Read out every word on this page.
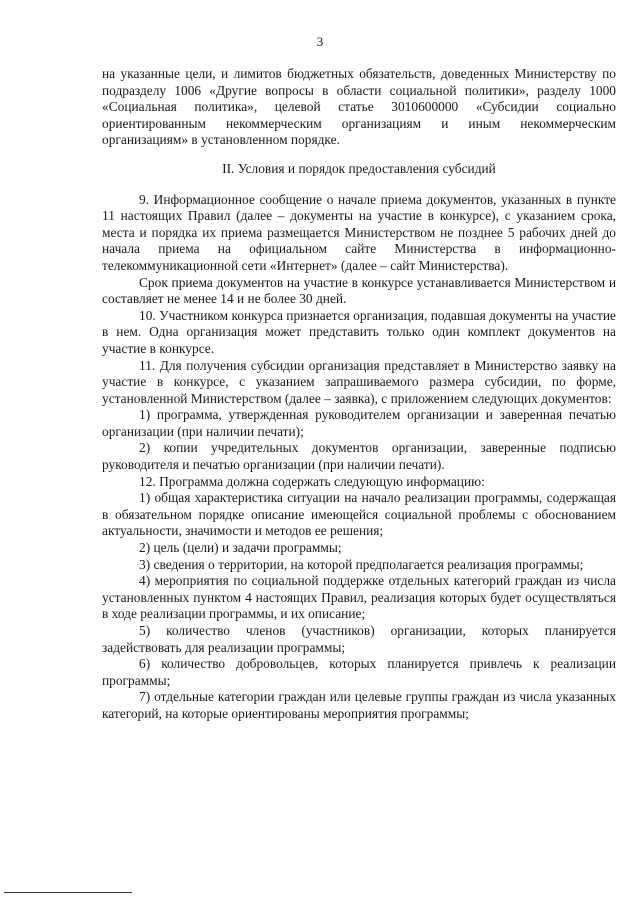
3

на указанные цели, и лимитов бюджетных обязательств, доведенных Министерству по подразделу 1006 «Другие вопросы в области социальной политики», разделу 1000 «Социальная политика», целевой статье 3010600000 «Субсидии социально ориентированным некоммерческим организациям и иным некоммерческим организациям» в установленном порядке.

II. Условия и порядок предоставления субсидий

9. Информационное сообщение о начале приема документов, указанных в пункте 11 настоящих Правил (далее – документы на участие в конкурсе), с указанием срока, места и порядка их приема размещается Министерством не позднее 5 рабочих дней до начала приема на официальном сайте Министерства в информационно-телекоммуникационной сети «Интернет» (далее – сайт Министерства).

Срок приема документов на участие в конкурсе устанавливается Министерством и составляет не менее 14 и не более 30 дней.

10. Участником конкурса признается организация, подавшая документы на участие в нем. Одна организация может представить только один комплект документов на участие в конкурсе.

11. Для получения субсидии организация представляет в Министерство заявку на участие в конкурсе, с указанием запрашиваемого размера субсидии, по форме, установленной Министерством (далее – заявка), с приложением следующих документов:

1) программа, утвержденная руководителем организации и заверенная печатью организации (при наличии печати);

2) копии учредительных документов организации, заверенные подписью руководителя и печатью организации (при наличии печати).

12. Программа должна содержать следующую информацию:

1) общая характеристика ситуации на начало реализации программы, содержащая в обязательном порядке описание имеющейся социальной проблемы с обоснованием актуальности, значимости и методов ее решения;

2) цель (цели) и задачи программы;

3) сведения о территории, на которой предполагается реализация программы;

4) мероприятия по социальной поддержке отдельных категорий граждан из числа установленных пунктом 4 настоящих Правил, реализация которых будет осуществляться в ходе реализации программы, и их описание;

5) количество членов (участников) организации, которых планируется задействовать для реализации программы;

6) количество добровольцев, которых планируется привлечь к реализации программы;

7) отдельные категории граждан или целевые группы граждан из числа указанных категорий, на которые ориентированы мероприятия программы;
